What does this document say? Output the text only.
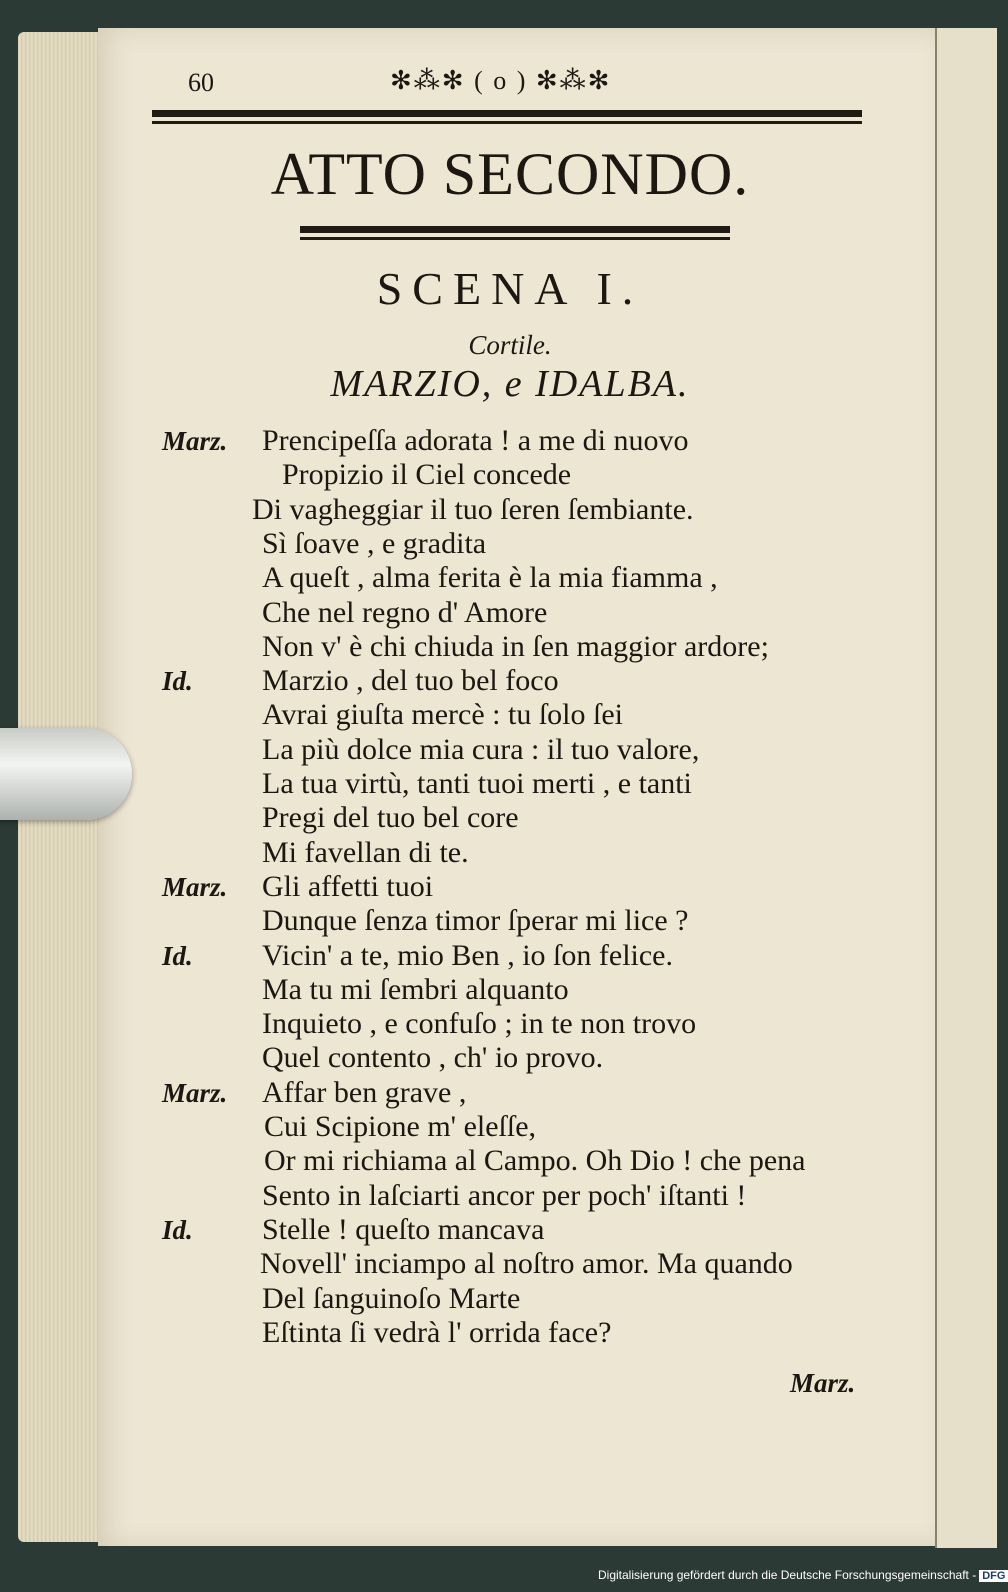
60	✻⁂✻ ( o ) ✻⁂✻
ATTO SECONDO.
SCENA I.
Cortile.
MARZIO, e IDALBA.
Marz. Prencipeſſa adorata ! a me di nuovo
Propizio il Ciel concede
Di vagheggiar il tuo ſeren ſembiante.
Sì ſoave , e gradita
A queſt , alma ferita è la mia fiamma ,
Che nel regno d' Amore
Non v' è chi chiuda in ſen maggior ardore;
Id. Marzio , del tuo bel foco
Avrai giuſta mercè : tu ſolo ſei
La più dolce mia cura : il tuo valore,
La tua virtù, tanti tuoi merti , e tanti
Pregi del tuo bel core
Mi favellan di te.
Marz. Gli affetti tuoi
Dunque ſenza timor ſperar mi lice ?
Id. Vicin' a te, mio Ben , io ſon felice.
Ma tu mi ſembri alquanto
Inquieto , e confuſo ; in te non trovo
Quel contento , ch' io provo.
Marz. Affar ben grave ,
Cui Scipione m' eleſſe,
Or mi richiama al Campo. Oh Dio ! che pena
Sento in laſciarti ancor per poch' iſtanti !
Id. Stelle ! queſto mancava
Novell' inciampo al noſtro amor. Ma quando
Del ſanguinoſo Marte
Eſtinta ſi vedrà l' orrida face?
Marz.
Digitalisierung gefördert durch die Deutsche Forschungsgemeinschaft - DFG
